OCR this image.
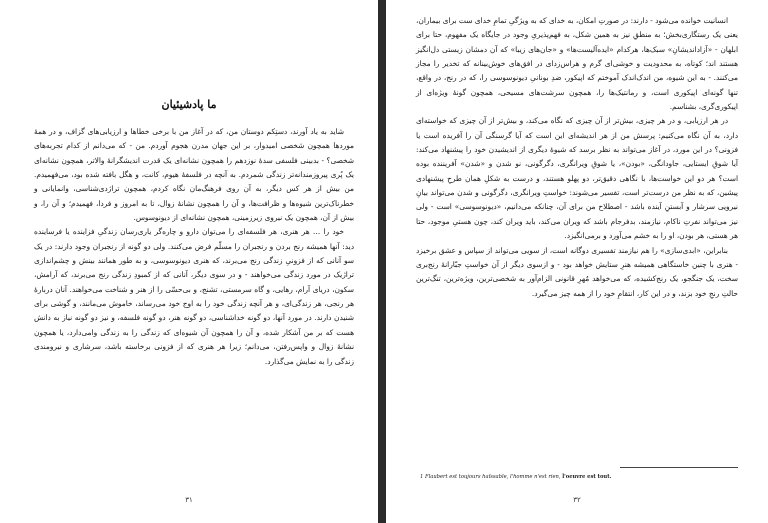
ما پادشیئیان

شاید به یاد آورند، دستِکم دوستان من، که در آغاز من با برخی خطاها و ارزیابی‌های گزاف، و در همهٔ موردها همچون شخصی امیدوار، بر این جهان مدرن هجوم آوردم. من - که می‌دانم از کدام تجربه‌های شخصی؟ - بدبینی فلسفی سدهٔ نوزدهم را همچون نشانه‌ای یک قدرت اندیشگرانهٔ والاتر، همچون نشانه‌ای یک پُری پیروزمندانه‌تر زندگی شمردم. به آنچه در فلسفهٔ هیوم، کانت، و هگل بافته شده بود، می‌فهمیدم. من بیش از هر کس دیگر، به آن روی فرهنگ‌مان نگاه کردم، همچون تراژدی‌شناسی، وانمایانی و خطرناک‌ترین شیوه‌ها و ظرافت‌ها، و آن را همچون نشانهٔ زوال، تا به امروز و فردا، فهمیدم؛ و آن را، و بیش از آن، همچون یک نیروی زیرزمینی، همچون نشانه‌ای از دیونوسوس.

خود را … هر هنری، هر فلسفه‌ای را می‌توان دارو و چاره‌گر یاری‌رسان زندگیِ فزاینده یا فرساینده دید: آنها همیشه رنج بردن و رنجبران را مسلّم فرض می‌کنند. ولی دو گونه از رنجبران وجود دارند: در یک سو آنانی که از فزونیِ زندگی رنج می‌برند، که هنری دیونوسوسی، و به طور همانند بینش و چشم‌اندازی تراژیک در مورد زندگی می‌خواهند - و در سوی دیگر، آنانی که از کمبودِ زندگی رنج می‌برند، که آرامش، سکون، دریای آرام، رهایی، و گاه سرمستی، تشنج، و بی‌حسّی را از هنر و شناخت می‌خواهند. آنان دربارهٔ هر رنجی، هر زندگی‌ای، و هر آنچه زندگی خود را به اوج خود می‌رساند، خاموش می‌مانند، و گوشی برای شنیدن دارند. در مورد آنها، دو گونه خداشناسی، دو گونه هنر، دو گونه فلسفه، و نیز دو گونه نیاز به دانش هست که بر من آشکار شده، و آن را همچون آن شیوه‌ای که زندگی را به زندگی وامی‌دارد، یا همچون نشانهٔ زوال و واپس‌رفتن، می‌دانم؛ زیرا هر هنری که از فزونی برخاسته باشد، سرشاری و نیرومندی زندگی را به نمایش می‌گذارد.

انسانیت خوانده می‌شود - دارند: در صورتِ امکان، به خدای که به ویژگیِ تمامِ خدای ست برای بیماران، یعنی یک رستگاری‌بخش؛ به منطقِ نیز به همین شکل، به فهم‌پذیریِ وجود در جایگاه یک مفهوم، حتا برای ابلهان - «آزاداندیشانِ» سبک‌ها، هرکدام «ایده‌آلیست‌ها» و «جان‌های زیبا» که آن دمشان زیستی دل‌انگیز هستند اند؛ کوتاه، به محدودیت و خوشی‌ای گرم و هراس‌زدای در افق‌های خوش‌بینانه که تخدیر را مجاز می‌کنند. - به این شیوه، من اندک‌اندک آموختم که اپیکور، ضدِ بونانیِ دیونوسوسی را، که در رنج، در واقع، تنها گونه‌ای اپیکوری است، و رمانتیک‌ها را، همچون سرشت‌های مسیحی، همچون گونهٔ ویژه‌ای از اپیکوری‌گری، بشناسم.

در هر ارزیابی، و در هر چیزی، بیش‌تر از آن چیزی که نگاه می‌کند، و بیش‌تر از آن چیزی که خواسته‌ای دارد، به آن نگاه می‌کنیم: پرسش من از هر اندیشه‌ای این است که آیا گرسنگی آن را آفریده است یا فزونی؟ در این مورد، در آغاز می‌تواند به نظر برسد که شیوهٔ دیگری از اندیشیدن خود را پیشنهاد می‌کند: آیا شوقِ ایستایی، جاودانگی، «بودن»، یا شوقِ ویرانگری، دگرگونی، نو شدن و «شدن» آفریننده بوده است؟ هر دو این خواست‌ها، با نگاهی دقیق‌تر، دو پهلو هستند، و درست به شکلِ همان طرحِ پیشنهادی پیشین، که به نظر من درست‌تر است، تفسیر می‌شوند: خواستِ ویرانگری، دگرگونی و شدن می‌تواند بیانِ نیرویی سرشار و آبستنِ آینده باشد - اصطلاح من برای آن، چنانکه می‌دانیم، «دیونوسوسی» است - ولی نیز می‌تواند نفرتِ ناکام، نیازمند، بدفرجام باشد که ویران می‌کند، باید ویران کند، چون هستیِ موجود، حتا هر هستی، هر بودن، او را به خشم می‌آورد و برمی‌انگیزد.

بنابراین، «ابدی‌سازی» را هم نیازمند تفسیری دوگانه است، از سویی می‌تواند از سپاس و عشق برخیزد - هنری با چنین خاستگاهی همیشه هنرِ ستایش خواهد بود - و ازسوی دیگر از آن خواستِ جبّارانهٔ رنج‌بری سخت، یک جنگجو، یک رنج‌کشیده، که می‌خواهد مُهرِ قانونی الزام‌آور به شخصی‌ترین، ویژه‌ترین، تنگ‌ترین حالتِ رنجِ خود بزند، و در این کار، انتقامِ خود را از همه چیز می‌گیرد.

1 Flaubert est toujours haïssable, l'homme n'est rien, l'oeuvre est tout.
۳۱	۳۲
